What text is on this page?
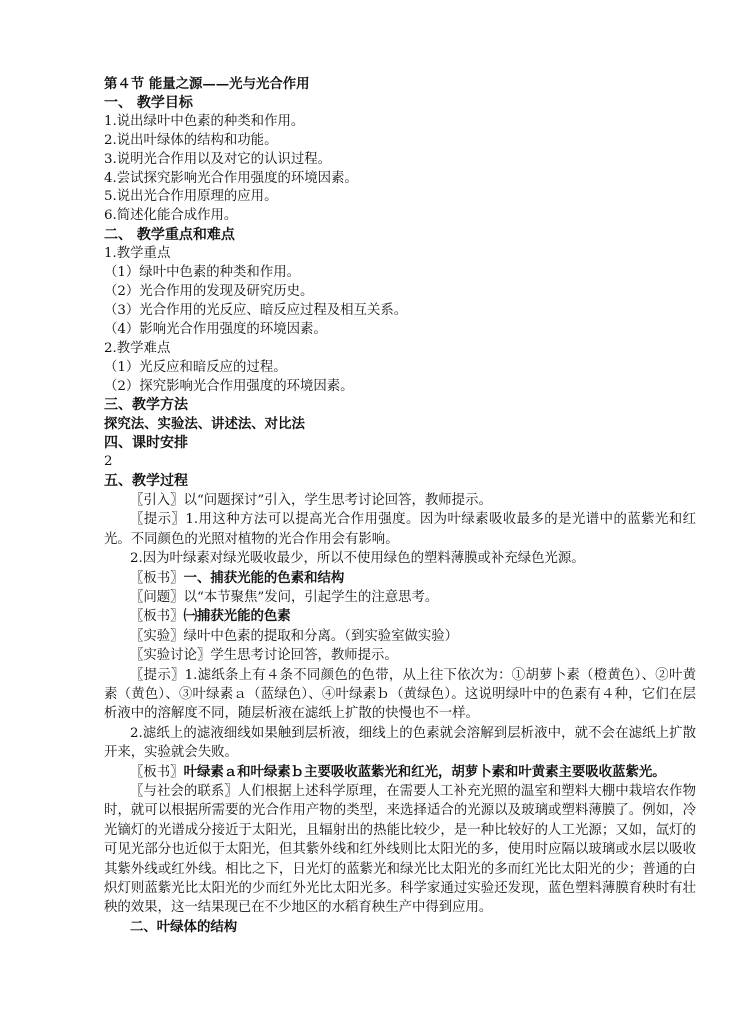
第４节 能量之源——光与光合作用
一、 教学目标
1.说出绿叶中色素的种类和作用。
2.说出叶绿体的结构和功能。
3.说明光合作用以及对它的认识过程。
4.尝试探究影响光合作用强度的环境因素。
5.说出光合作用原理的应用。
6.简述化能合成作用。
二、 教学重点和难点
1.教学重点
（1）绿叶中色素的种类和作用。
（2）光合作用的发现及研究历史。
（3）光合作用的光反应、暗反应过程及相互关系。
（4）影响光合作用强度的环境因素。
2.教学难点
（1）光反应和暗反应的过程。
（2）探究影响光合作用强度的环境因素。
三、教学方法
探究法、实验法、讲述法、对比法
四、课时安排
2
五、教学过程
〖引入〗以“问题探讨”引入，学生思考讨论回答，教师提示。
〖提示〗1.用这种方法可以提高光合作用强度。因为叶绿素吸收最多的是光谱中的蓝紫光和红光。不同颜色的光照对植物的光合作用会有影响。
2.因为叶绿素对绿光吸收最少，所以不使用绿色的塑料薄膜或补充绿色光源。
〖板书〗一、捕获光能的色素和结构
〖问题〗以“本节聚焦”发问，引起学生的注意思考。
〖板书〗㈠捕获光能的色素
〖实验〗绿叶中色素的提取和分离。（到实验室做实验）
〖实验讨论〗学生思考讨论回答，教师提示。
〖提示〗1.滤纸条上有４条不同颜色的色带，从上往下依次为：①胡萝卜素（橙黄色）、②叶黄素（黄色）、③叶绿素ａ（蓝绿色）、④叶绿素ｂ（黄绿色）。这说明绿叶中的色素有４种，它们在层析液中的溶解度不同，随层析液在滤纸上扩散的快慢也不一样。
2.滤纸上的滤液细线如果触到层析液，细线上的色素就会溶解到层析液中，就不会在滤纸上扩散开来，实验就会失败。
〖板书〗叶绿素ａ和叶绿素ｂ主要吸收蓝紫光和红光，胡萝卜素和叶黄素主要吸收蓝紫光。
〖与社会的联系〗人们根据上述科学原理，在需要人工补充光照的温室和塑料大棚中栽培农作物时，就可以根据所需要的光合作用产物的类型，来选择适合的光源以及玻璃或塑料薄膜了。例如，冷光镝灯的光谱成分接近于太阳光，且辐射出的热能比较少，是一种比较好的人工光源；又如，氙灯的可见光部分也近似于太阳光，但其紫外线和红外线则比太阳光的多，使用时应隔以玻璃或水层以吸收其紫外线或红外线。相比之下，日光灯的蓝紫光和绿光比太阳光的多而红光比太阳光的少；普通的白炽灯则蓝紫光比太阳光的少而红外光比太阳光多。科学家通过实验还发现，蓝色塑料薄膜育秧时有壮秧的效果，这一结果现已在不少地区的水稻育秧生产中得到应用。
二、叶绿体的结构
